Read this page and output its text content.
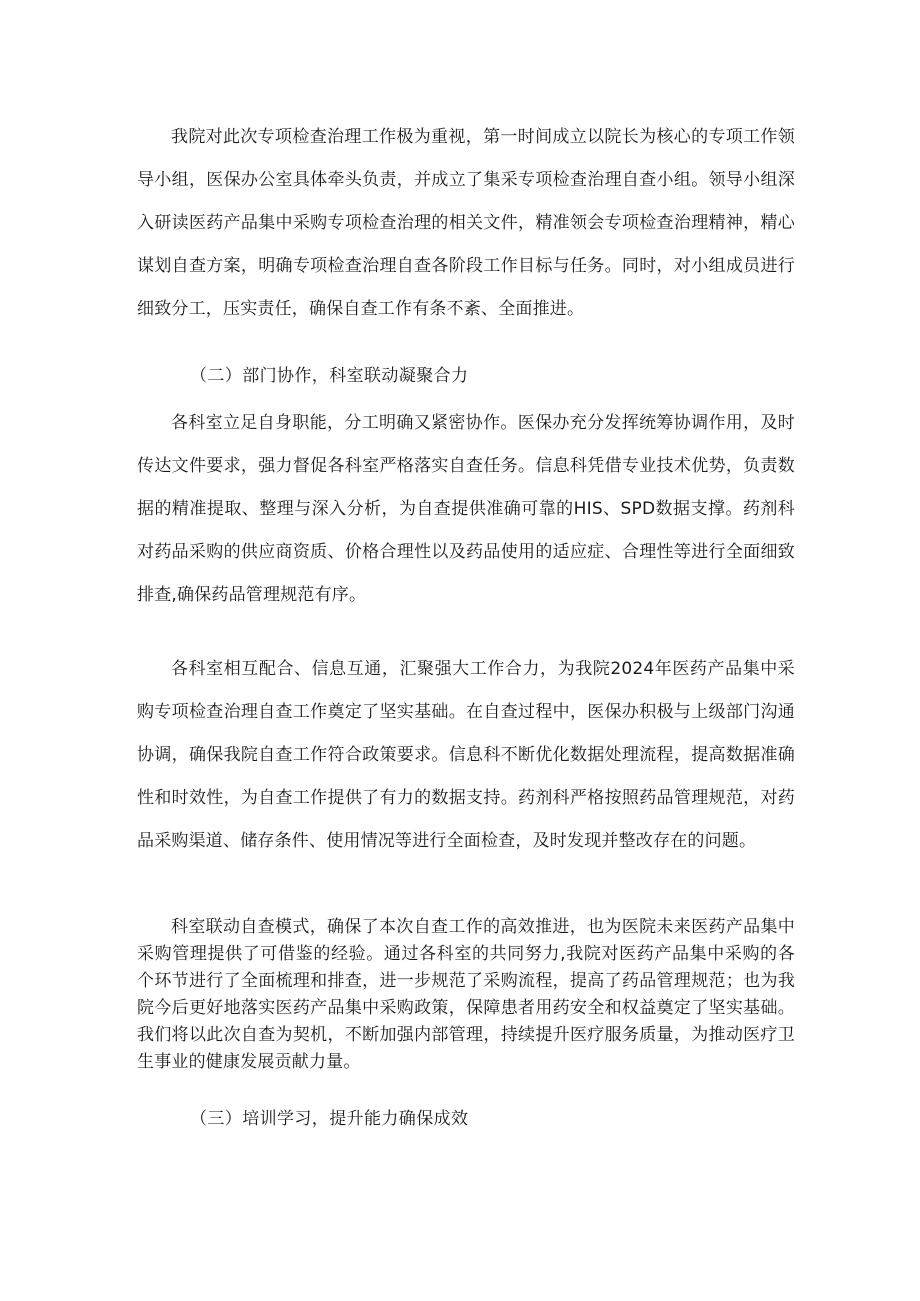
我院对此次专项检查治理工作极为重视，第一时间成立以院长为核心的专项工作领导小组，医保办公室具体牵头负责，并成立了集采专项检查治理自查小组。领导小组深入研读医药产品集中采购专项检查治理的相关文件，精准领会专项检查治理精神，精心谋划自查方案，明确专项检查治理自查各阶段工作目标与任务。同时，对小组成员进行细致分工，压实责任，确保自查工作有条不紊、全面推进。

（二）部门协作，科室联动凝聚合力

各科室立足自身职能，分工明确又紧密协作。医保办充分发挥统筹协调作用，及时传达文件要求，强力督促各科室严格落实自查任务。信息科凭借专业技术优势，负责数据的精准提取、整理与深入分析，为自查提供准确可靠的HIS、SPD数据支撑。药剂科对药品采购的供应商资质、价格合理性以及药品使用的适应症、合理性等进行全面细致排查,确保药品管理规范有序。

各科室相互配合、信息互通，汇聚强大工作合力，为我院2024年医药产品集中采购专项检查治理自查工作奠定了坚实基础。在自查过程中，医保办积极与上级部门沟通协调，确保我院自查工作符合政策要求。信息科不断优化数据处理流程，提高数据准确性和时效性，为自查工作提供了有力的数据支持。药剂科严格按照药品管理规范，对药品采购渠道、储存条件、使用情况等进行全面检查，及时发现并整改存在的问题。

科室联动自查模式，确保了本次自查工作的高效推进，也为医院未来医药产品集中采购管理提供了可借鉴的经验。通过各科室的共同努力,我院对医药产品集中采购的各个环节进行了全面梳理和排查，进一步规范了采购流程，提高了药品管理规范；也为我院今后更好地落实医药产品集中采购政策，保障患者用药安全和权益奠定了坚实基础。我们将以此次自查为契机，不断加强内部管理，持续提升医疗服务质量，为推动医疗卫生事业的健康发展贡献力量。

（三）培训学习，提升能力确保成效
